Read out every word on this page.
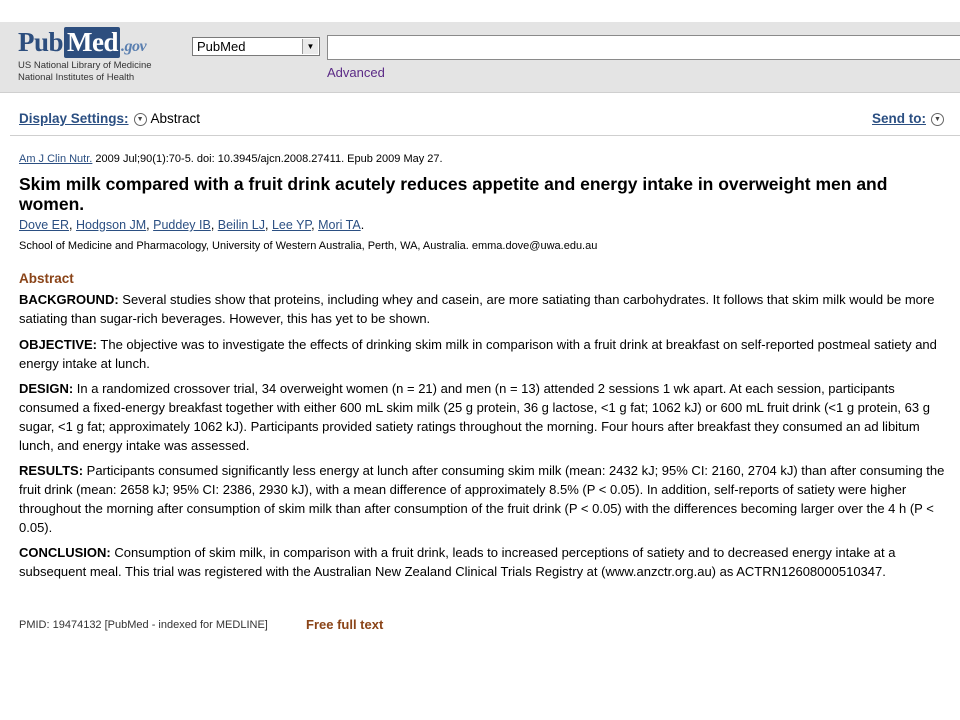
Pub Med .gov
US National Library of Medicine
National Institutes of Health
PubMed	▼
Advanced
Display Settings: ▼ Abstract	Send to: ▼
Am J Clin Nutr. 2009 Jul;90(1):70-5. doi: 10.3945/ajcn.2008.27411. Epub 2009 May 27.
Skim milk compared with a fruit drink acutely reduces appetite and energy intake in overweight men and women.
Dove ER, Hodgson JM, Puddey IB, Beilin LJ, Lee YP, Mori TA.
School of Medicine and Pharmacology, University of Western Australia, Perth, WA, Australia. emma.dove@uwa.edu.au
Abstract

BACKGROUND: Several studies show that proteins, including whey and casein, are more satiating than carbohydrates. It follows that skim milk would be more satiating than sugar-rich beverages. However, this has yet to be shown.

OBJECTIVE: The objective was to investigate the effects of drinking skim milk in comparison with a fruit drink at breakfast on self-reported postmeal satiety and energy intake at lunch.

DESIGN: In a randomized crossover trial, 34 overweight women (n = 21) and men (n = 13) attended 2 sessions 1 wk apart. At each session, participants consumed a fixed-energy breakfast together with either 600 mL skim milk (25 g protein, 36 g lactose, <1 g fat; 1062 kJ) or 600 mL fruit drink (<1 g protein, 63 g sugar, <1 g fat; approximately 1062 kJ). Participants provided satiety ratings throughout the morning. Four hours after breakfast they consumed an ad libitum lunch, and energy intake was assessed.

RESULTS: Participants consumed significantly less energy at lunch after consuming skim milk (mean: 2432 kJ; 95% CI: 2160, 2704 kJ) than after consuming the fruit drink (mean: 2658 kJ; 95% CI: 2386, 2930 kJ), with a mean difference of approximately 8.5% (P < 0.05). In addition, self-reports of satiety were higher throughout the morning after consumption of skim milk than after consumption of the fruit drink (P < 0.05) with the differences becoming larger over the 4 h (P < 0.05).

CONCLUSION: Consumption of skim milk, in comparison with a fruit drink, leads to increased perceptions of satiety and to decreased energy intake at a subsequent meal. This trial was registered with the Australian New Zealand Clinical Trials Registry at (www.anzctr.org.au) as ACTRN12608000510347.

PMID: 19474132 [PubMed - indexed for MEDLINE]	Free full text
